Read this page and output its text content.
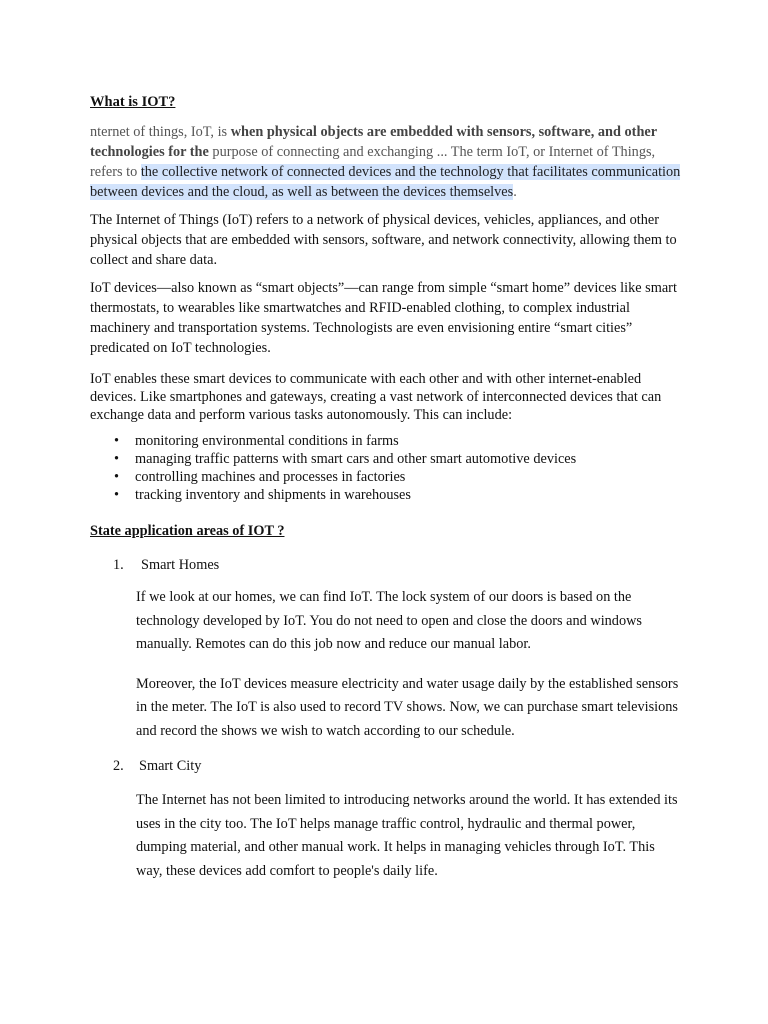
What is IOT?

nternet of things, IoT, is when physical objects are embedded with sensors, software, and other technologies for the purpose of connecting and exchanging ... The term IoT, or Internet of Things, refers to the collective network of connected devices and the technology that facilitates communication between devices and the cloud, as well as between the devices themselves.

The Internet of Things (IoT) refers to a network of physical devices, vehicles, appliances, and other physical objects that are embedded with sensors, software, and network connectivity, allowing them to collect and share data.

IoT devices—also known as “smart objects”—can range from simple “smart home” devices like smart thermostats, to wearables like smartwatches and RFID-enabled clothing, to complex industrial machinery and transportation systems. Technologists are even envisioning entire “smart cities” predicated on IoT technologies.

IoT enables these smart devices to communicate with each other and with other internet-enabled devices. Like smartphones and gateways, creating a vast network of interconnected devices that can exchange data and perform various tasks autonomously. This can include:

• monitoring environmental conditions in farms
• managing traffic patterns with smart cars and other smart automotive devices
• controlling machines and processes in factories
• tracking inventory and shipments in warehouses
State application areas of IOT ?
1. Smart Homes

If we look at our homes, we can find IoT. The lock system of our doors is based on the technology developed by IoT. You do not need to open and close the doors and windows manually. Remotes can do this job now and reduce our manual labor.

Moreover, the IoT devices measure electricity and water usage daily by the established sensors in the meter. The IoT is also used to record TV shows. Now, we can purchase smart televisions and record the shows we wish to watch according to our schedule.

2. Smart City

The Internet has not been limited to introducing networks around the world. It has extended its uses in the city too. The IoT helps manage traffic control, hydraulic and thermal power, dumping material, and other manual work. It helps in managing vehicles through IoT. This way, these devices add comfort to people's daily life.
